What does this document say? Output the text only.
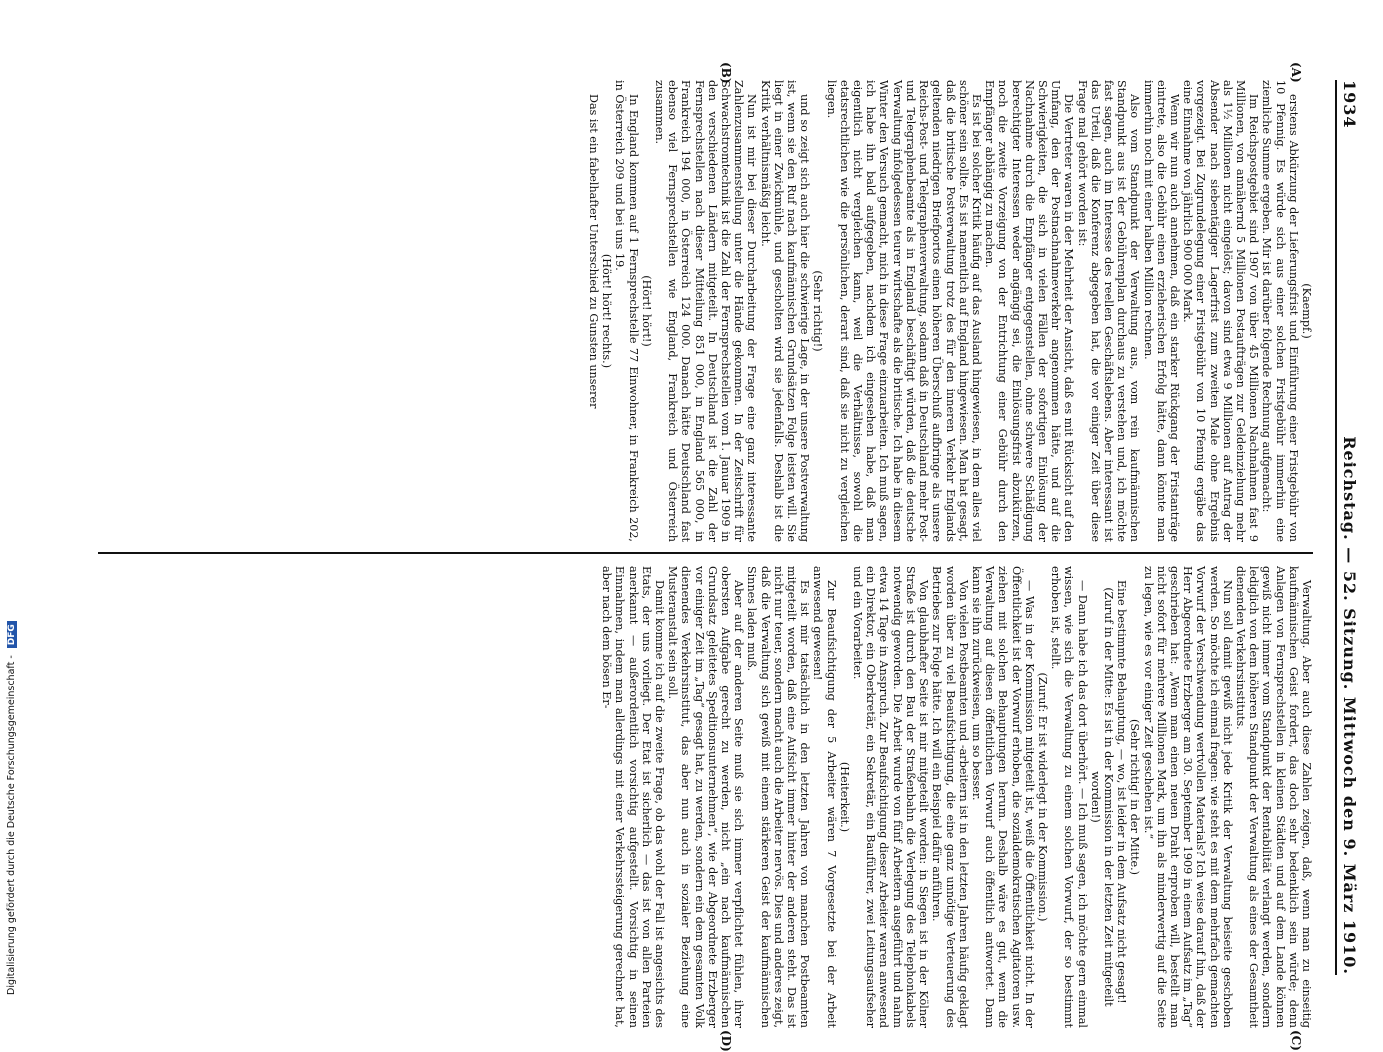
1934
Reichstag. — 52. Sitzung. Mittwoch den 9. März 1910.

(Kaempf.)

erstens Abkürzung der Lieferungsfrist und Einführung einer Fristgebühr von 10 Pfennig. Es würde sich aus einer solchen Fristgebühr immerhin eine ziemliche Summe ergeben. Mir ist darüber folgende Rechnung aufgemacht:

Im Reichspostgebiet sind 1907 von über 45 Millionen Nachnahmen fast 9 Millionen, von annähernd 5 Millionen Postaufträgen zur Geldeinziehung mehr als 1½ Millionen nicht eingelöst; davon sind etwa 9 Millionen auf Antrag der Absender nach siebentägiger Lagerfrist zum zweiten Male ohne Ergebnis vorgezeigt. Bei Zugrundelegung einer Fristgebühr von 10 Pfennig ergäbe das eine Einnahme von jährlich 900 000 Mark.

Wenn wir nun auch annehmen, daß ein starker Rückgang der Fristanträge eintrete, also die Gebühr einen erzieherischen Erfolg hätte, dann könnte man immerhin noch mit einer halben Million rechnen.

Also vom Standpunkt der Verwaltung aus, vom rein kaufmännischen Standpunkt aus ist der Gebührenplan durchaus zu verstehen und, ich möchte fast sagen, auch im Interesse des reellen Geschäftslebens. Aber interessant ist das Urteil, daß die Konferenz abgegeben hat, die vor einiger Zeit über diese Frage mal gehört worden ist:

Die Vertreter waren in der Mehrheit der Ansicht, daß es mit Rücksicht auf den Umfang, den der Postnachnahmeverkehr angenommen hätte, und auf die Schwierigkeiten, die sich in vielen Fällen der sofortigen Einlösung der Nachnahme durch die Empfänger entgegenstellen, ohne schwere Schädigung berechtigter Interessen weder angängig sei, die Einlösungsfrist abzukürzen, noch die zweite Vorzeigung von der Entrichtung einer Gebühr durch den Empfänger abhängig zu machen.

Es ist bei solcher Kritik häufig auf das Ausland hingewiesen, in dem alles viel schöner sein sollte. Es ist namentlich auf England hingewiesen. Man hat gesagt, daß die britische Postverwaltung trotz des für den inneren Verkehr Englands geltenden niedrigen Briefportos einen höheren Überschuß aufbringe als unsere Reichs-Post- und Telegraphenverwaltung, sodann daß in Deutschland mehr Post- und Telegraphenbeamte als in England beschäftigt würden, daß die deutsche Verwaltung infolgedessen teurer wirtschafte als die britische. Ich habe in diesem Winter den Versuch gemacht, mich in diese Frage einzuarbeiten. Ich muß sagen, ich habe ihn bald aufgegeben, nachdem ich eingesehen habe, daß man eigentlich nicht vergleichen kann, weil die Verhältnisse, sowohl die etatsrechtlichen wie die persönlichen, derart sind, daß sie nicht zu vergleichen liegen.

(Sehr richtig!)

und so zeigt sich auch hier die schwierige Lage, in der unsere Postverwaltung ist, wenn sie den Ruf nach kaufmännischen Grundsätzen Folge leisten will. Sie liegt in einer Zwickmühle, und gescholten wird sie jedenfalls. Deshalb ist die Kritik verhältnismäßig leicht.

Nun ist mir bei dieser Durcharbeitung der Frage eine ganz interessante Zahlenzusammenstellung unter die Hände gekommen. In der Zeitschrift für Schwachstromtechnik ist die Zahl der Fernsprechstellen vom 1. Januar 1909 in den verschiedenen Ländern mitgeteilt. In Deutschland ist die Zahl der Fernsprechstellen nach dieser Mitteilung 851 000, in England 565 000, in Frankreich 194 000, in Österreich 124 000. Danach hätte Deutschland fast ebenso viel Fernsprechstellen wie England, Frankreich und Österreich zusammen.

(Hört! hört!)

In England kommen auf 1 Fernsprechstelle 77 Einwohner, in Frankreich 202, in Österreich 209 und bei uns 19.

(Hört! hört! rechts.)

Das ist ein fabelhafter Unterschied zu Gunsten unserer

Verwaltung. Aber auch diese Zahlen zeigen, daß, wenn man zu einseitig kaufmännischen Geist fordert, das doch sehr bedenklich sein würde; denn Anlagen von Fernsprechstellen in kleinen Städten und auf dem Lande können gewiß nicht immer vom Standpunkt der Rentabilität verlangt werden, sondern lediglich von dem höheren Standpunkt der Verwaltung als eines der Gesamtheit dienenden Verkehrsinstituts.

Nun soll damit gewiß nicht jede Kritik der Verwaltung beiseite geschoben werden. So möchte ich einmal fragen: wie steht es mit dem mehrfach gemachten Vorwurf der Verschwendung wertvollen Materials? Ich weise darauf hin, daß der Herr Abgeordnete Erzberger am 30. September 1909 in einem Aufsatz im „Tag“ geschrieben hat: „Wenn man einen neuen Draht erproben will, bestellt man nicht sofort für mehrere Millionen Mark, um ihn als minderwertig auf die Seite zu legen, wie es vor einiger Zeit geschehen ist.“

(Sehr richtig! in der Mitte.)

Eine bestimmte Behauptung, — wo, ist leider in dem Aufsatz nicht gesagt!

(Zuruf in der Mitte: Es ist in der Kommission in der letzten Zeit mitgeteilt worden!)

— Dann habe ich das dort überhört. — Ich muß sagen, ich möchte gern einmal wissen, wie sich die Verwaltung zu einem solchen Vorwurf, der so bestimmt erhoben ist, stellt.

(Zuruf: Er ist widerlegt in der Kommission.)

— Was in der Kommission mitgeteilt ist, weiß die Öffentlichkeit nicht. In der Öffentlichkeit ist der Vorwurf erhoben, die sozialdemokratischen Agitatoren usw. ziehen mit solchen Behauptungen herum. Deshalb wäre es gut, wenn die Verwaltung auf diesen öffentlichen Vorwurf auch öffentlich antwortet. Dann kann sie ihn zurückweisen, um so besser.

Von vielen Postbeamten und -arbeitern ist in den letzten Jahren häufig geklagt worden über zu viel Beaufsichtigung, die eine ganz unnötige Verteuerung des Betriebes zur Folge hätte. Ich will ein Beispiel dafür anführen.

Von glaubhafter Seite ist mir mitgeteilt worden: in Siegen ist in der Kölner Straße ist durch den Bau der Straßenbahn die Verlegung des Telephonkabels notwendig geworden. Die Arbeit wurde von fünf Arbeitern ausgeführt und nahm etwa 14 Tage in Anspruch. Zur Beaufsichtigung dieser Arbeiter waren anwesend ein Direktor, ein Oberkretär, ein Sekretär, ein Bauführer, zwei Leitungsaufseher und ein Vorarbeiter.

(Heiterkeit.)

Zur Beaufsichtigung der 5 Arbeiter wären 7 Vorgesetzte bei der Arbeit anwesend gewesen!

Es ist mir tatsächlich in den letzten Jahren von manchen Postbeamten mitgeteilt worden, daß eine Aufsicht immer hinter der anderen steht. Das ist nicht nur teuer, sondern macht auch die Arbeiter nervös. Dies und anderes zeigt, daß die Verwaltung sich gewiß mit einem stärkeren Geist der kaufmännischen Sinnes laden muß.

Aber auf der anderen Seite muß sie sich immer verpflichtet fühlen, ihrer obersten Aufgabe gerecht zu werden, nicht „ein nach kaufmännischen Grundsatz geleitetes Speditionsunternehmen“, wie der Abgeordnete Erzberger vor einiger Zeit im „Tag“ gesagt hat, zu werden, sondern ein dem gesamten Volk dienendes Verkehrsinstitut, das aber nun auch in sozialer Beziehung eine Musteranstalt sein soll.

Damit komme ich auf die zweite Frage, ob das wohl der Fall ist angesichts des Etats, der uns vorliegt. Der Etat ist sicherlich — das ist von allen Parteien anerkannt — außerordentlich vorsichtig aufgestellt. Vorsichtig in seinen Einnahmen, indem man allerdings mit einer Verkehrssteigerung gerechnet hat, aber nach dem bösen Er-

(A)
(B)
(C)
(D)
Digitalisierung gefördert durch die Deutsche Forschungsgemeinschaft - DFG
